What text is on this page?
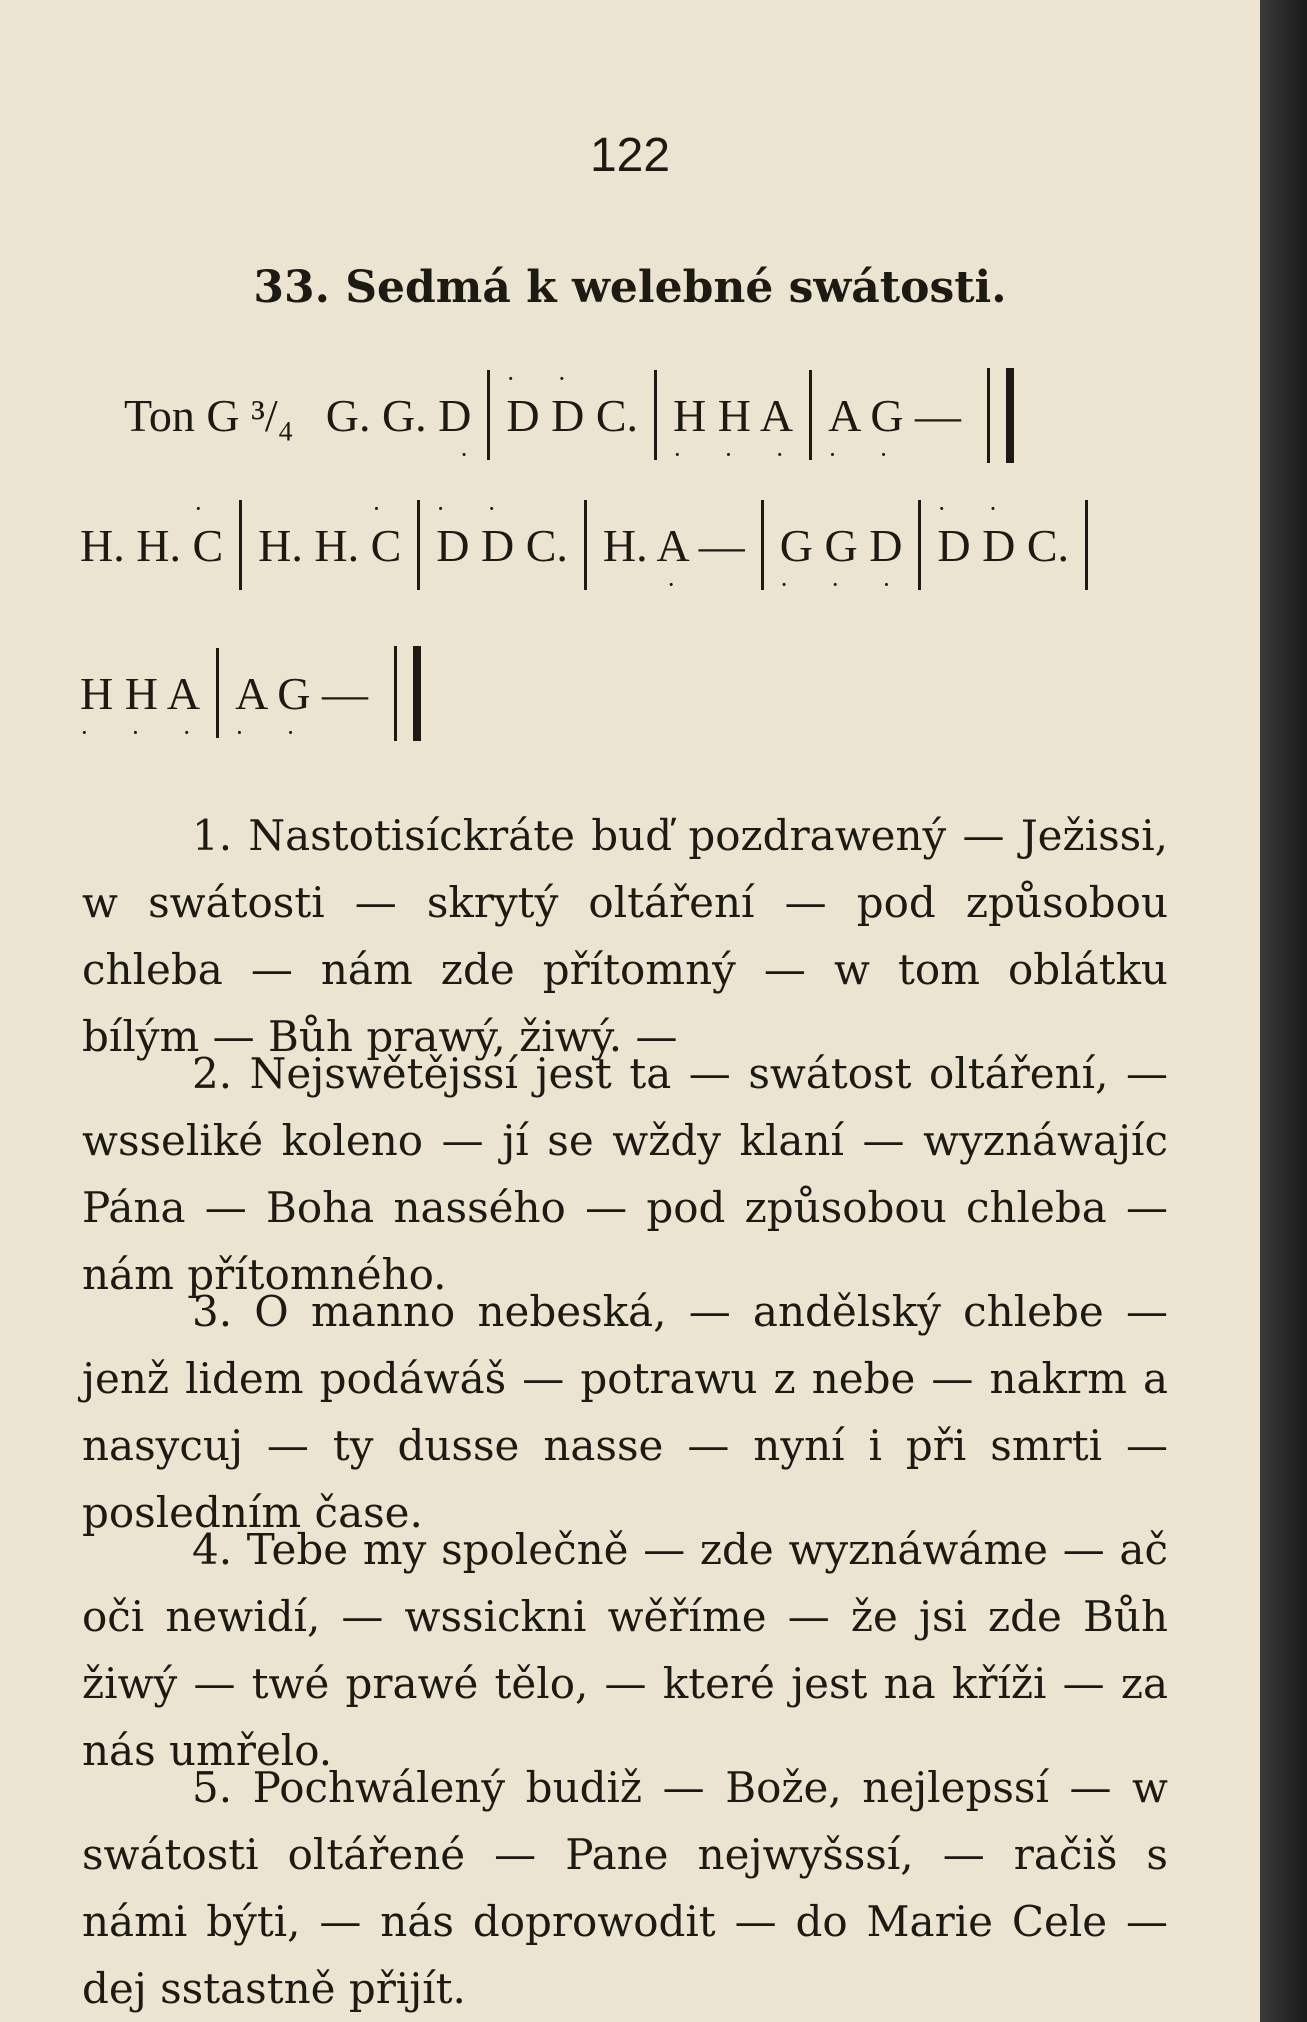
122
33. Sedmá k welebné swátosti.
Ton G ³/₄ G. G. D
·
D D C.
· ·
H H A
· · ·
A G —
· ·
H. H. C
·
H. H. C
·
D D C.
· ·
H. A —
·
G G D
· · ·
D D C.
· ·
H H A
· · ·
A G —
· ·
1. Nastotisíckráte buď pozdrawený — Ježissi, w swátosti — skrytý oltáření — pod způsobou chleba — nám zde přítomný — w tom oblátku bílým — Bůh prawý, žiwý. —
2. Nejswětějssí jest ta — swátost oltáření, — wsseliké koleno — jí se wždy klaní — wyznáwajíc Pána — Boha nassého — pod způsobou chleba — nám přítomného.
3. O manno nebeská, — andělský chlebe — jenž lidem podáwáš — potrawu z nebe — nakrm a nasycuj — ty dusse nasse — nyní i při smrti — posledním čase.
4. Tebe my společně — zde wyznáwáme — ač oči newidí, — wssickni wěříme — že jsi zde Bůh žiwý — twé prawé tělo, — které jest na kříži — za nás umřelo.
5. Pochwálený budiž — Bože, nejlepssí — w swátosti oltářené — Pane nejwyšssí, — račiš s námi býti, — nás doprowodit — do Marie Cele — dej sstastně přijít.
